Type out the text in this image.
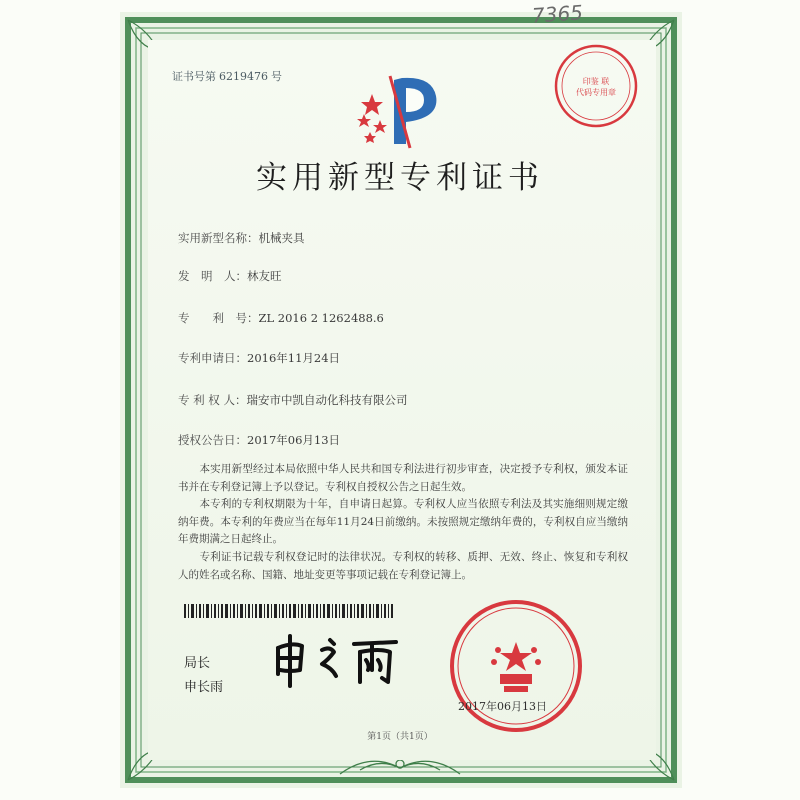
7365
证书号第 6219476 号	印鉴 联
代码专用章
实用新型专利证书
实用新型名称：机械夹具
发　明　人：林友旺
专　　利　号：ZL 2016 2 1262488.6
专利申请日：2016年11月24日
专 利 权 人：瑞安市中凯自动化科技有限公司
授权公告日：2017年06月13日
　　本实用新型经过本局依照中华人民共和国专利法进行初步审查，决定授予专利权，颁发本证书并在专利登记簿上予以登记。专利权自授权公告之日起生效。
　　本专利的专利权期限为十年，自申请日起算。专利权人应当依照专利法及其实施细则规定缴纳年费。本专利的年费应当在每年11月24日前缴纳。未按照规定缴纳年费的，专利权自应当缴纳年费期满之日起终止。
　　专利证书记载专利权登记时的法律状况。专利权的转移、质押、无效、终止、恢复和专利权人的姓名或名称、国籍、地址变更等事项记载在专利登记簿上。
局长
申长雨
2017年06月13日
第1页（共1页）
